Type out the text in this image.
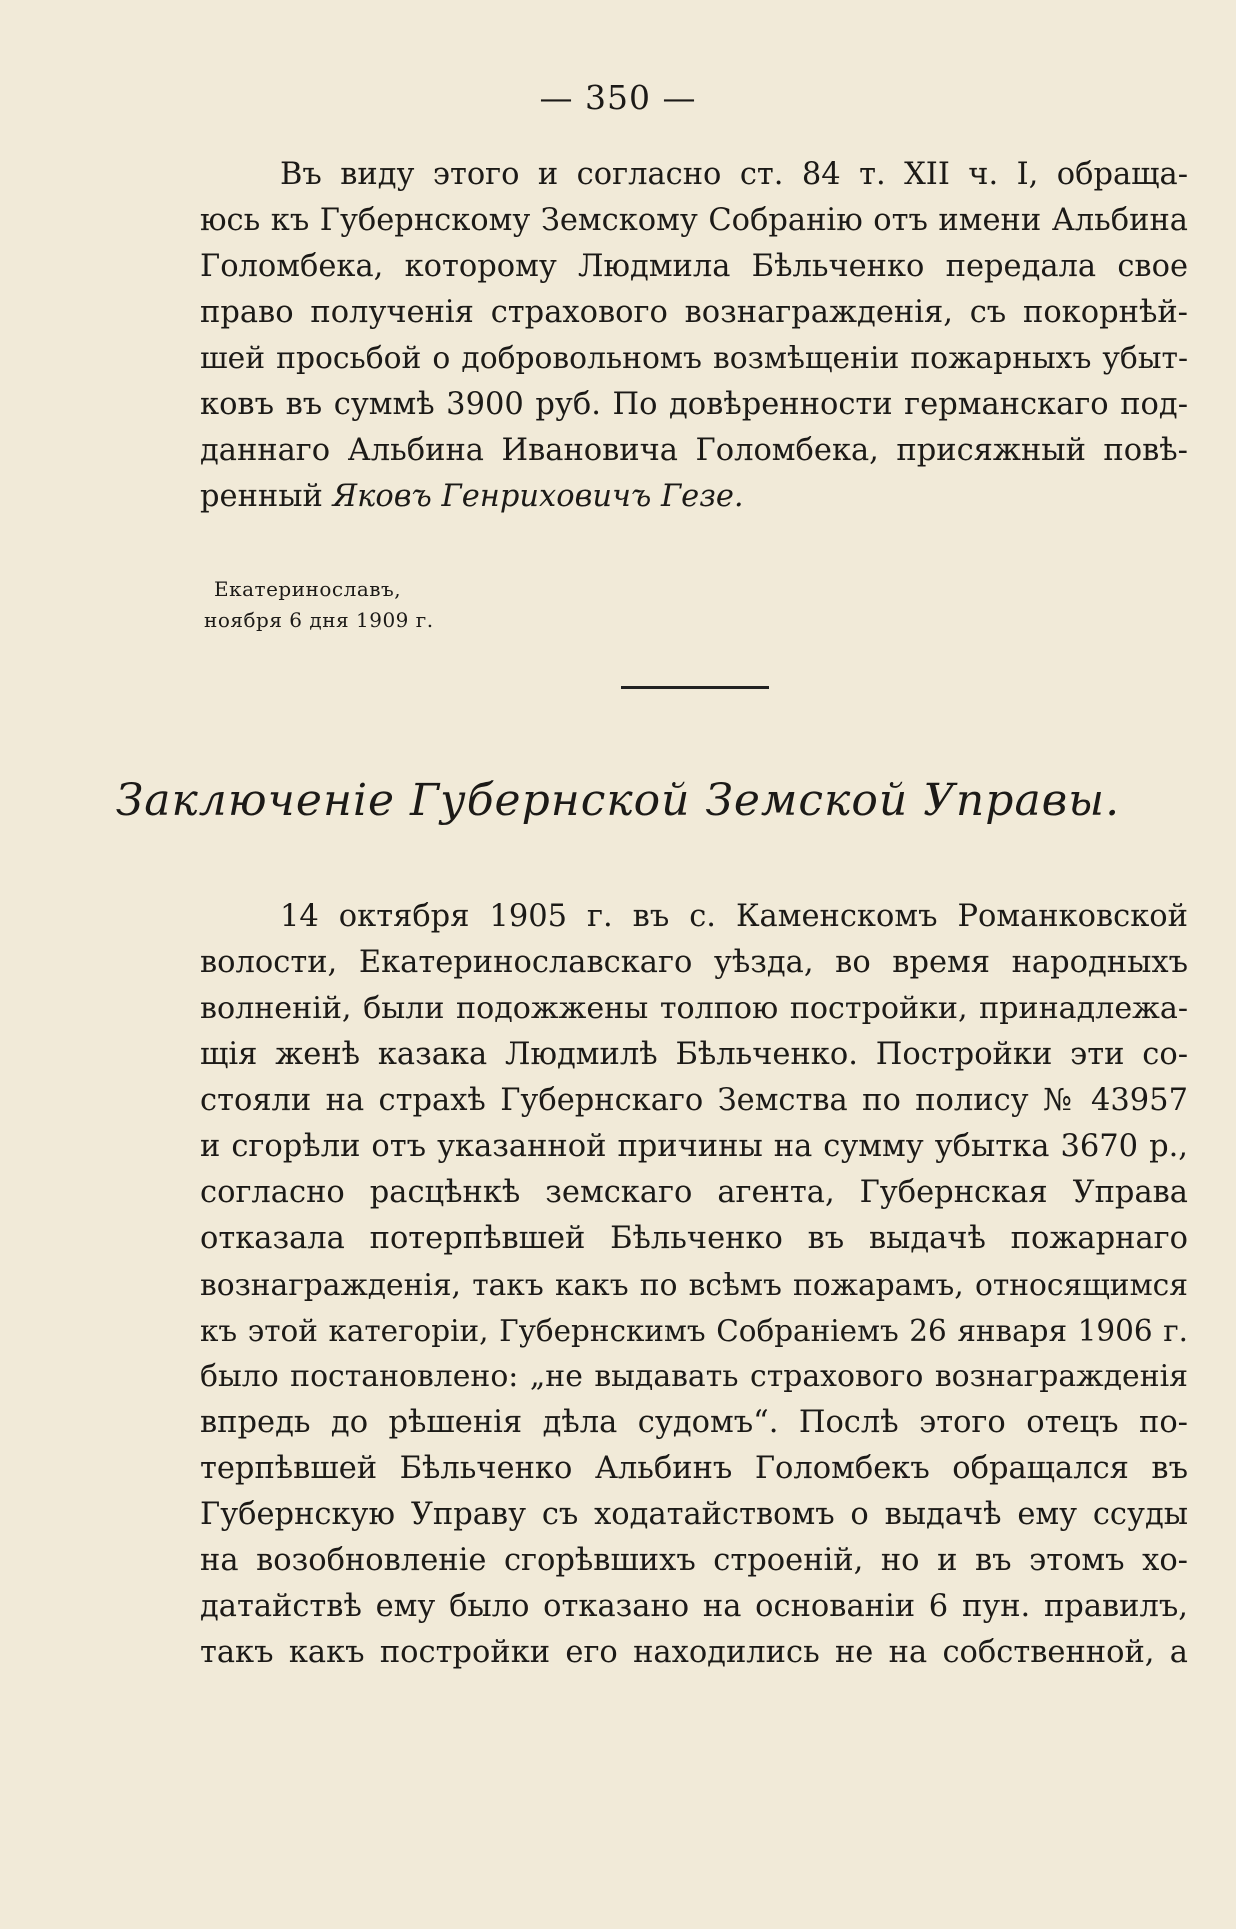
— 350 —
Въ виду этого и согласно ст. 84 т. XII ч. I, обраща-
юсь къ Губернскому Земскому Собранію отъ имени Альбина
Голомбека, которому Людмила Бѣльченко передала свое
право полученія страхового вознагражденія, съ покорнѣй-
шей просьбой о добровольномъ возмѣщеніи пожарныхъ убыт-
ковъ въ суммѣ 3900 руб. По довѣренности германскаго под-
даннаго Альбина Ивановича Голомбека, присяжный повѣ-
ренный Яковъ Генриховичъ Гезе.
Екатеринославъ,
ноября 6 дня 1909 г.
Заключеніе Губернской Земской Управы.
14 октября 1905 г. въ с. Каменскомъ Романковской
волости, Екатеринославскаго уѣзда, во время народныхъ
волненій, были подожжены толпою постройки, принадлежа-
щія женѣ казака Людмилѣ Бѣльченко. Постройки эти со-
стояли на страхѣ Губернскаго Земства по полису № 43957
и сгорѣли отъ указанной причины на сумму убытка 3670 р.,
согласно расцѣнкѣ земскаго агента, Губернская Управа
отказала потерпѣвшей Бѣльченко въ выдачѣ пожарнаго
вознагражденія, такъ какъ по всѣмъ пожарамъ, относящимся
къ этой категоріи, Губернскимъ Собраніемъ 26 января 1906 г.
было постановлено: „не выдавать страхового вознагражденія
впредь до рѣшенія дѣла судомъ“. Послѣ этого отецъ по-
терпѣвшей Бѣльченко Альбинъ Голомбекъ обращался въ
Губернскую Управу съ ходатайствомъ о выдачѣ ему ссуды
на возобновленіе сгорѣвшихъ строеній, но и въ этомъ хо-
датайствѣ ему было отказано на основаніи 6 пун. правилъ,
такъ какъ постройки его находились не на собственной, а
